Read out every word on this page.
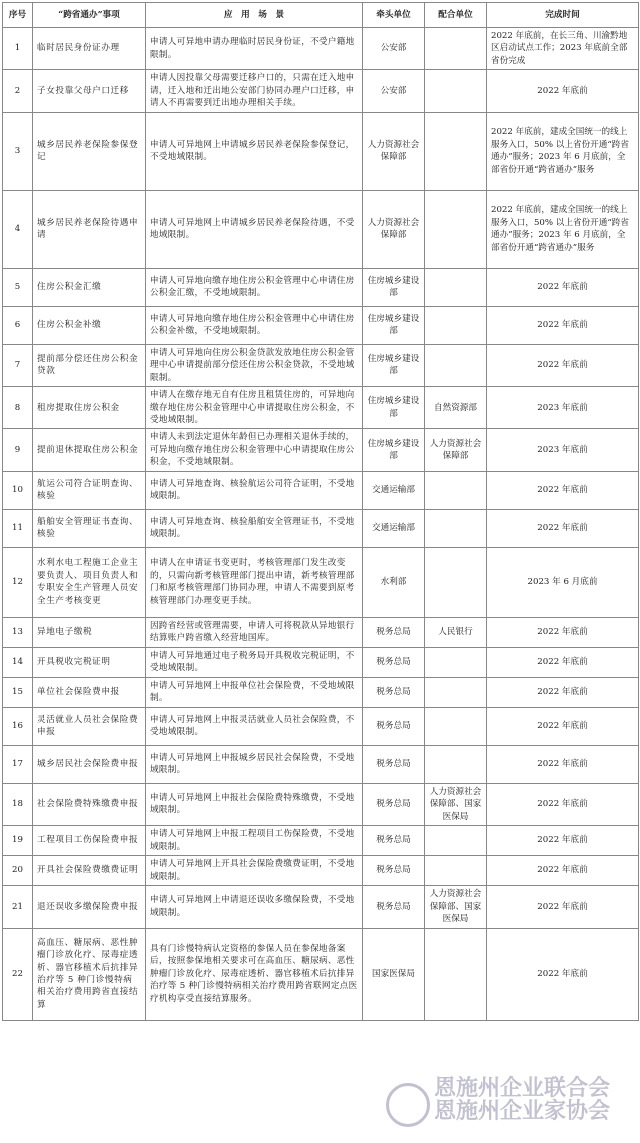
序号	“跨省通办”事项	应　用　场　景	牵头单位	配合单位	完成时间
1	临时居民身份证办理	申请人可异地申请办理临时居民身份证，不受户籍地限制。	公安部		2022 年底前，在长三角、川渝黔地区启动试点工作；2023 年底前全部省份完成
2	子女投靠父母户口迁移	申请人因投靠父母需要迁移户口的，只需在迁入地申请，迁入地和迁出地公安部门协同办理户口迁移，申请人不再需要到迁出地办理相关手续。	公安部		2022 年底前
3	城乡居民养老保险参保登记	申请人可异地网上申请城乡居民养老保险参保登记，不受地域限制。	人力资源社会保障部		2022 年底前，建成全国统一的线上服务入口，50% 以上省份开通“跨省通办”服务；2023 年 6 月底前，全部省份开通“跨省通办”服务
4	城乡居民养老保险待遇申请	申请人可异地网上申请城乡居民养老保险待遇，不受地域限制。	人力资源社会保障部		2022 年底前，建成全国统一的线上服务入口，50% 以上省份开通“跨省通办”服务；2023 年 6 月底前，全部省份开通“跨省通办”服务
5	住房公积金汇缴	申请人可异地向缴存地住房公积金管理中心申请住房公积金汇缴，不受地域限制。	住房城乡建设部		2022 年底前
6	住房公积金补缴	申请人可异地向缴存地住房公积金管理中心申请住房公积金补缴，不受地域限制。	住房城乡建设部		2022 年底前
7	提前部分偿还住房公积金贷款	申请人可异地向住房公积金贷款发放地住房公积金管理中心申请提前部分偿还住房公积金贷款，不受地域限制。	住房城乡建设部		2022 年底前
8	租房提取住房公积金	申请人在缴存地无自有住房且租赁住房的，可异地向缴存地住房公积金管理中心申请提取住房公积金，不受地域限制。	住房城乡建设部	自然资源部	2023 年底前
9	提前退休提取住房公积金	申请人未到法定退休年龄但已办理相关退休手续的，可异地向缴存地住房公积金管理中心申请提取住房公积金，不受地域限制。	住房城乡建设部	人力资源社会保障部	2023 年底前
10	航运公司符合证明查询、核验	申请人可异地查询、核验航运公司符合证明，不受地域限制。	交通运输部		2022 年底前
11	船舶安全管理证书查询、核验	申请人可异地查询、核验船舶安全管理证书，不受地域限制。	交通运输部		2022 年底前
12	水利水电工程施工企业主要负责人、项目负责人和专职安全生产管理人员安全生产考核变更	申请人在申请证书变更时，考核管理部门发生改变的，只需向新考核管理部门提出申请，新考核管理部门和原考核管理部门协同办理，申请人不需要到原考核管理部门办理变更手续。	水利部		2023 年 6 月底前
13	异地电子缴税	因跨省经营或管理需要，申请人可将税款从异地银行结算账户跨省缴入经营地国库。	税务总局	人民银行	2022 年底前
14	开具税收完税证明	申请人可异地通过电子税务局开具税收完税证明，不受地域限制。	税务总局		2022 年底前
15	单位社会保险费申报	申请人可异地网上申报单位社会保险费，不受地域限制。	税务总局		2022 年底前
16	灵活就业人员社会保险费申报	申请人可异地网上申报灵活就业人员社会保险费，不受地域限制。	税务总局		2022 年底前
17	城乡居民社会保险费申报	申请人可异地网上申报城乡居民社会保险费，不受地域限制。	税务总局		2022 年底前
18	社会保险费特殊缴费申报	申请人可异地网上申报社会保险费特殊缴费，不受地域限制。	税务总局	人力资源社会保障部、国家医保局	2022 年底前
19	工程项目工伤保险费申报	申请人可异地网上申报工程项目工伤保险费，不受地域限制。	税务总局		2022 年底前
20	开具社会保险费缴费证明	申请人可异地网上开具社会保险费缴费证明，不受地域限制。	税务总局		2022 年底前
21	退还误收多缴保险费申报	申请人可异地网上申请退还误收多缴保险费，不受地域限制。	税务总局	人力资源社会保障部、国家医保局	2022 年底前
22	高血压、糖尿病、恶性肿瘤门诊放化疗、尿毒症透析、器官移植术后抗排异治疗等 5 种门诊慢特病相关治疗费用跨省直接结算	具有门诊慢特病认定资格的参保人员在参保地备案后，按照参保地相关要求可在高血压、糖尿病、恶性肿瘤门诊放化疗、尿毒症透析、器官移植术后抗排异治疗等 5 种门诊慢特病相关治疗费用跨省联网定点医疗机构享受直接结算服务。	国家医保局		2022 年底前
恩施州企业联合会
恩施州企业家协会
